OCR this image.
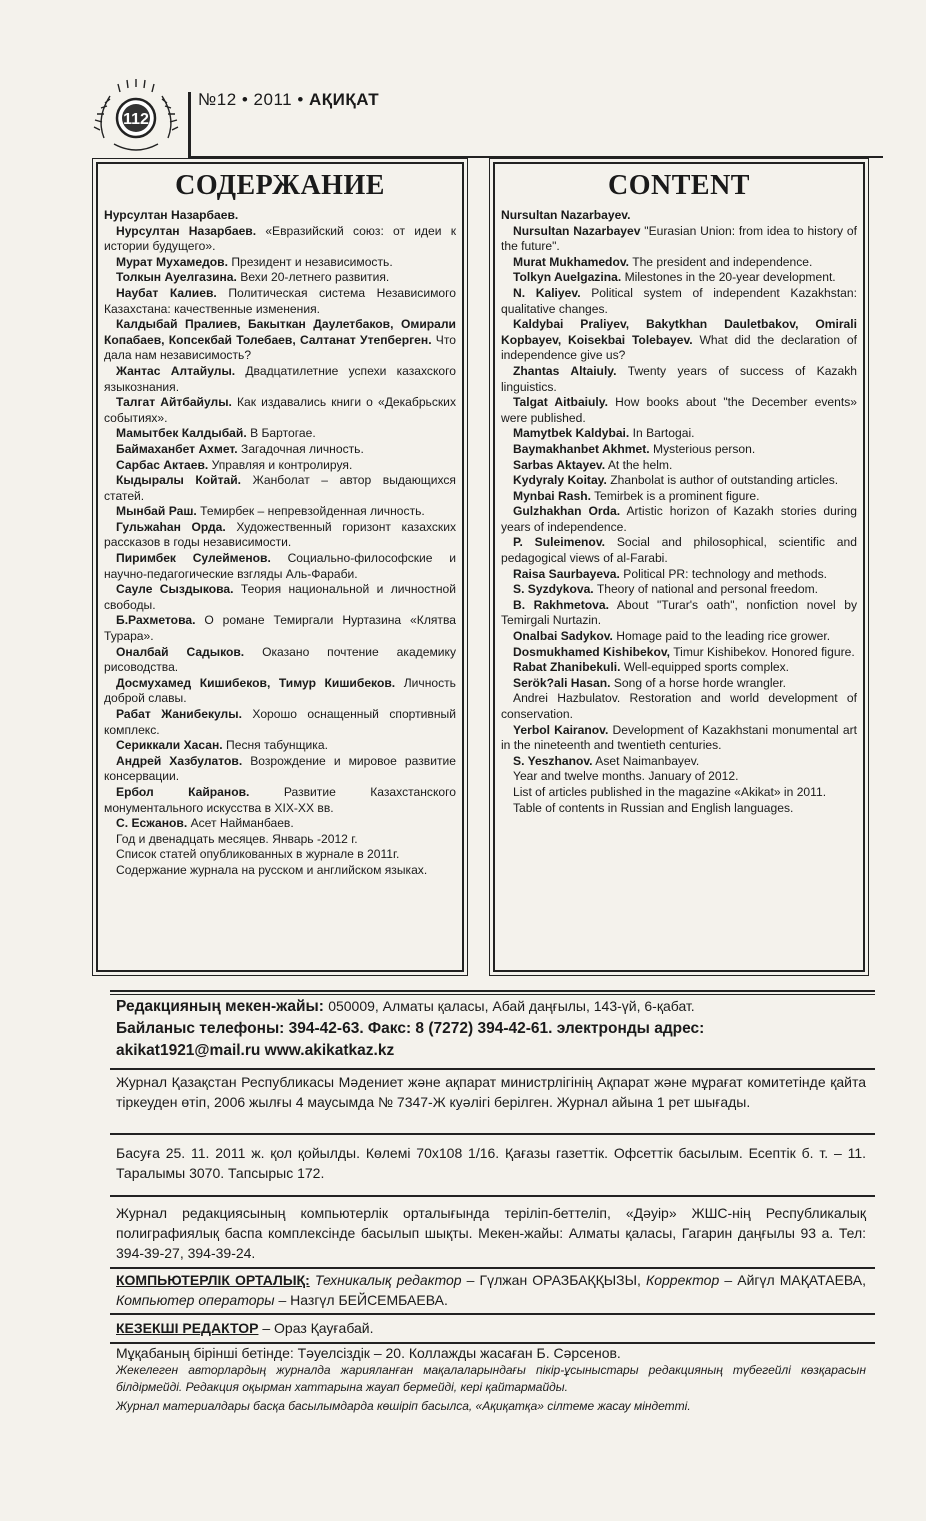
112
№12 • 2011 • АҚИҚАТ
СОДЕРЖАНИЕ

Нурсултан Назарбаев.

Нурсултан Назарбаев. «Евразийский союз: от идеи к истории будущего».

Мурат Мухамедов. Президент и независимость.

Толкын Ауелгазина. Вехи 20-летнего развития.

Наубат Калиев. Политическая система Независимого Казахстана: качественные изменения.

Калдыбай Пралиев, Бакыткан Даулетбаков, Омирали Копабаев, Копсекбай Толебаев, Салтанат Утепберген. Что дала нам независимость?

Жантас Алтайулы. Двадцатилетние успехи казахского языкознания.

Талгат Айтбайулы. Как издавались книги о «Декабрьских событиях».

Мамытбек Калдыбай. В Бартогае.

Баймаханбет Ахмет. Загадочная личность.

Сарбас Актаев. Управляя и контролируя.

Кыдыралы Койтай. Жанболат – автор выдающихся статей.

Мынбай Раш. Темирбек – непревзойденная личность.

Гульжаhан Орда. Художественный горизонт казахских рассказов в годы независимости.

Пиримбек Сулейменов. Социально-философские и научно-педагогические взгляды Аль-Фараби.

Сауле Сыздыкова. Теория национальной и личностной свободы.

Б.Рахметова. О романе Темиргали Нуртазина «Клятва Турара».

Оналбай Садыков. Оказано почтение академику рисоводства.

Досмухамед Кишибеков, Тимур Кишибеков. Личность доброй славы.

Рабат Жанибекулы. Хорошо оснащенный спортивный комплекс.

Сериккали Хасан. Песня табунщика.

Андрей Хазбулатов. Возрождение и мировое развитие консервации.

Ербол Кайранов.	Развитие Казахстанского монументального искусства в XIX-XX вв.

С. Есжанов. Асет Найманбаев.

Год и двенадцать месяцев. Январь -2012 г.

Список статей опубликованных в журнале в 2011г.

Содержание журнала на русском и английском языках.

CONTENT

Nursultan Nazarbayev.

Nursultan Nazarbayev "Eurasian Union: from idea to history of the future".

Murat Mukhamedov. The president and independence.

Tolkyn Auelgazina. Milestones in the 20-year development.

N. Kaliyev. Political system of independent Kazakhstan: qualitative changes.

Kaldybai Praliyev, Bakytkhan Dauletbakov, Omirali Kopbayev, Koisekbai Tolebayev. What did the declaration of independence give us?

Zhantas Altaiuly. Twenty years of success of Kazakh linguistics.

Talgat Aitbaiuly. How books about "the December events» were published.

Mamytbek Kaldybai. In Bartogai.

Baymakhanbet Akhmet. Mysterious person.

Sarbas Aktayev. At the helm.

Kydyraly Koitay. Zhanbolat is author of outstanding articles.

Mynbai Rash. Temirbek is a prominent figure.

Gulzhakhan Orda. Artistic horizon of Kazakh stories during years of independence.

P. Suleimenov. Social and philosophical, scientific and pedagogical views of al-Farabi.

Raisa Saurbayeva. Political PR: technology and methods.

S. Syzdykova. Theory of national and personal freedom.

B. Rakhmetova. About "Turar's oath", nonfiction novel by Temirgali Nurtazin.

Onalbai Sadykov. Homage paid to the leading rice grower.

Dosmukhamed Kishibekov, Timur Kishibekov. Honored figure.

Rabat Zhanibekuli. Well-equipped sports complex.

Serök?ali Hasan. Song of a horse horde wrangler.

Andrei Hazbulatov. Restoration and world development of conservation.

Yerbol Kairanov. Development of Kazakhstani monumental art in the nineteenth and twentieth centuries.

S. Yeszhanov. Aset Naimanbayev.

Year and twelve months. January of 2012.

List of articles published in the magazine «Akikat» in 2011.

Table of contents in Russian and English languages.

Редакцияның мекен-жайы: 050009, Алматы қаласы, Абай даңғылы, 143-үй, 6-қабат.
Байланыс телефоны: 394-42-63. Факс: 8 (7272) 394-42-61. электронды адрес:
akikat1921@mail.ru www.akikatkaz.kz
Журнал Қазақстан Республикасы Мәдениет және ақпарат министрлігінің Ақпарат және мұрағат комитетінде қайта тіркеуден өтіп, 2006 жылғы 4 маусымда № 7347-Ж куәлігі берілген. Журнал айына 1 рет шығады.
Басуға 25. 11. 2011 ж. қол қойылды. Көлемі 70х108 1/16. Қағазы газеттік. Офсеттік басылым. Есептік б. т. – 11. Таралымы 3070. Тапсырыс 172.
Журнал редакциясының компьютерлік орталығында теріліп-беттеліп, «Дәуір» ЖШС-нің Республикалық полиграфиялық баспа комплексінде басылып шықты. Мекен-жайы: Алматы қаласы, Гагарин даңғылы 93 а. Тел: 394-39-27, 394-39-24.
КОМПЬЮТЕРЛІК ОРТАЛЫҚ: Техникалық редактор – Гүлжан ОРАЗБАҚҚЫЗЫ, Корректор – Айгүл МАҚАТАЕВА, Компьютер операторы – Назгүл БЕЙСЕМБАЕВА.
КЕЗЕКШІ РЕДАКТОР – Ораз Қауғабай.
Мұқабаның бірінші бетінде: Тәуелсіздік – 20. Коллажды жасаған Б. Сәрсенов.
Жекелеген авторлардың журналда жарияланған мақалаларындағы пікір-ұсыныстары редакцияның түбегейлі көзқарасын білдірмейді. Редакция оқырман хаттарына жауап бермейді, кері қайтармайды.
Журнал материалдары басқа басылымдарда көшіріп басылса, «Ақиқатқа» сілтеме жасау міндетті.
